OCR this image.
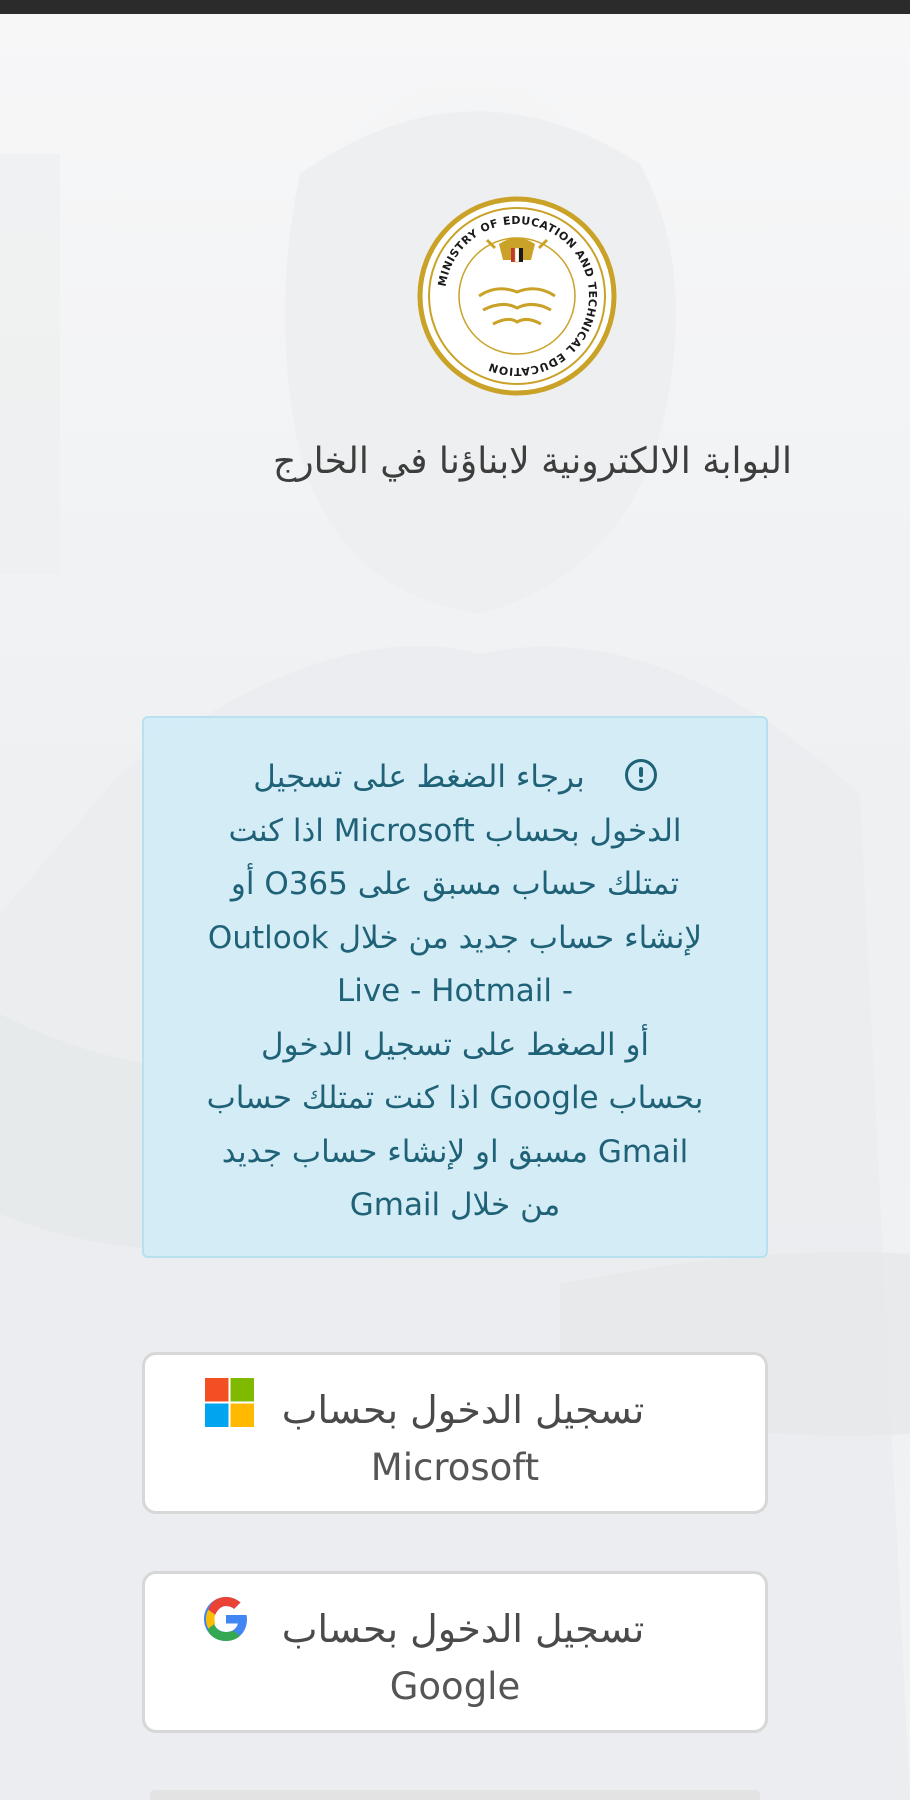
MINISTRY OF EDUCATION AND TECHNICAL EDUCATION
البوابة الالكترونية لابناؤنا في الخارج

برجاء الضغط على تسجيل

الدخول بحساب Microsoft اذا كنت

تمتلك حساب مسبق على O365 أو

لإنشاء حساب جديد من خلال Outlook

- Live - Hotmail

أو الصغط على تسجيل الدخول

بحساب Google اذا كنت تمتلك حساب

Gmail مسبق او لإنشاء حساب جديد

من خلال Gmail

تسجيل الدخول بحساب
Microsoft
تسجيل الدخول بحساب
Google
